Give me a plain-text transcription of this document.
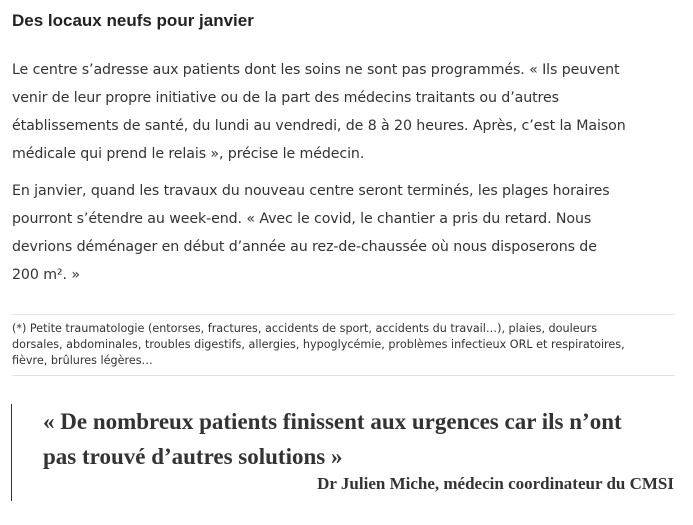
Des locaux neufs pour janvier

Le centre s’adresse aux patients dont les soins ne sont pas programmés. « Ils peuvent
venir de leur propre initiative ou de la part des médecins traitants ou d’autres
établissements de santé, du lundi au vendredi, de 8 à 20 heures. Après, c’est la Maison
médicale qui prend le relais », précise le médecin.

En janvier, quand les travaux du nouveau centre seront terminés, les plages horaires
pourront s’étendre au week-end. « Avec le covid, le chantier a pris du retard. Nous
devrions déménager en début d’année au rez-de-chaussée où nous disposerons de
200 m². »

(*) Petite traumatologie (entorses, fractures, accidents de sport, accidents du travail…), plaies, douleurs
dorsales, abdominales, troubles digestifs, allergies, hypoglycémie, problèmes infectieux ORL et respiratoires,
fièvre, brûlures légères…

« De nombreux patients finissent aux urgences car ils n’ont
pas trouvé d’autres solutions »

Dr Julien Miche, médecin coordinateur du CMSI
